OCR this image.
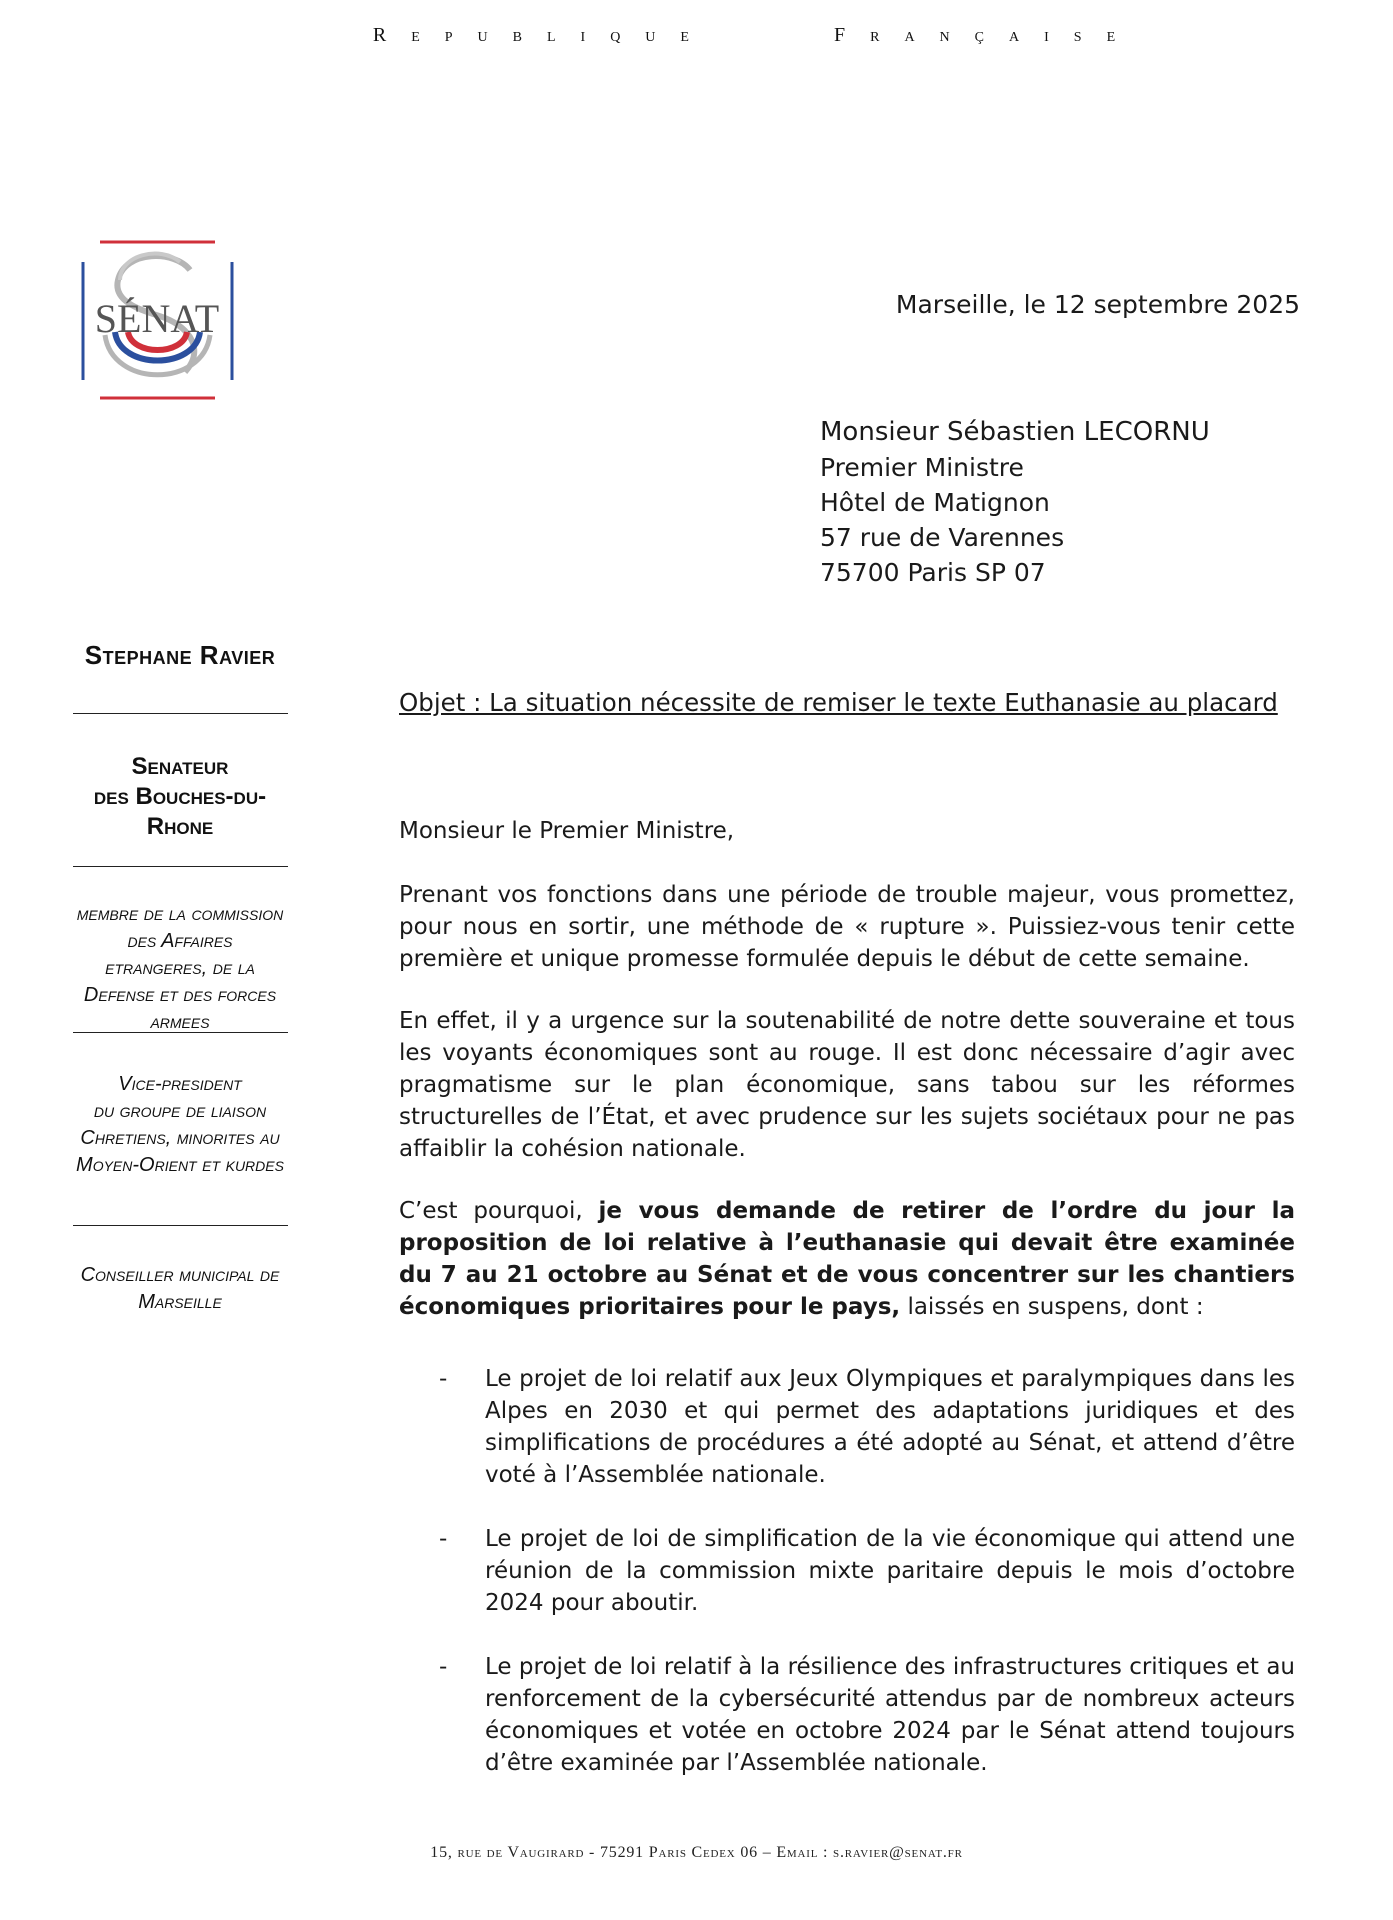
Republique	Française
SÉNAT	Marseille, le 12 septembre 2025
Monsieur Sébastien LECORNU
Premier Ministre
Hôtel de Matignon
57 rue de Varennes
75700 Paris SP 07
Stephane Ravier
Senateur
des Bouches-du-
Rhone
membre de la commission
des Affaires
etrangeres, de la
Defense et des forces
armees
Vice-president
du groupe de liaison
Chretiens, minorites au
Moyen-Orient et kurdes
Conseiller municipal de
Marseille
Objet : La situation nécessite de remiser le texte Euthanasie au placard

Monsieur le Premier Ministre,

Prenant vos fonctions dans une période de trouble majeur, vous promettez, pour nous en sortir, une méthode de « rupture ». Puissiez-vous tenir cette première et unique promesse formulée depuis le début de cette semaine.

En effet, il y a urgence sur la soutenabilité de notre dette souveraine et tous les voyants économiques sont au rouge. Il est donc nécessaire d’agir avec pragmatisme sur le plan économique, sans tabou sur les réformes structurelles de l’État, et avec prudence sur les sujets sociétaux pour ne pas affaiblir la cohésion nationale.

C’est pourquoi, je vous demande de retirer de l’ordre du jour la proposition de loi relative à l’euthanasie qui devait être examinée du 7 au 21 octobre au Sénat et de vous concentrer sur les chantiers économiques prioritaires pour le pays, laissés en suspens, dont :

- Le projet de loi relatif aux Jeux Olympiques et paralympiques dans les Alpes en 2030 et qui permet des adaptations juridiques et des simplifications de procédures a été adopté au Sénat, et attend d’être voté à l’Assemblée nationale.
- Le projet de loi de simplification de la vie économique qui attend une réunion de la commission mixte paritaire depuis le mois d’octobre 2024 pour aboutir.
- Le projet de loi relatif à la résilience des infrastructures critiques et au renforcement de la cybersécurité attendus par de nombreux acteurs économiques et votée en octobre 2024 par le Sénat attend toujours d’être examinée par l’Assemblée nationale.
15, rue de Vaugirard - 75291 Paris Cedex 06 – Email : s.ravier@senat.fr
